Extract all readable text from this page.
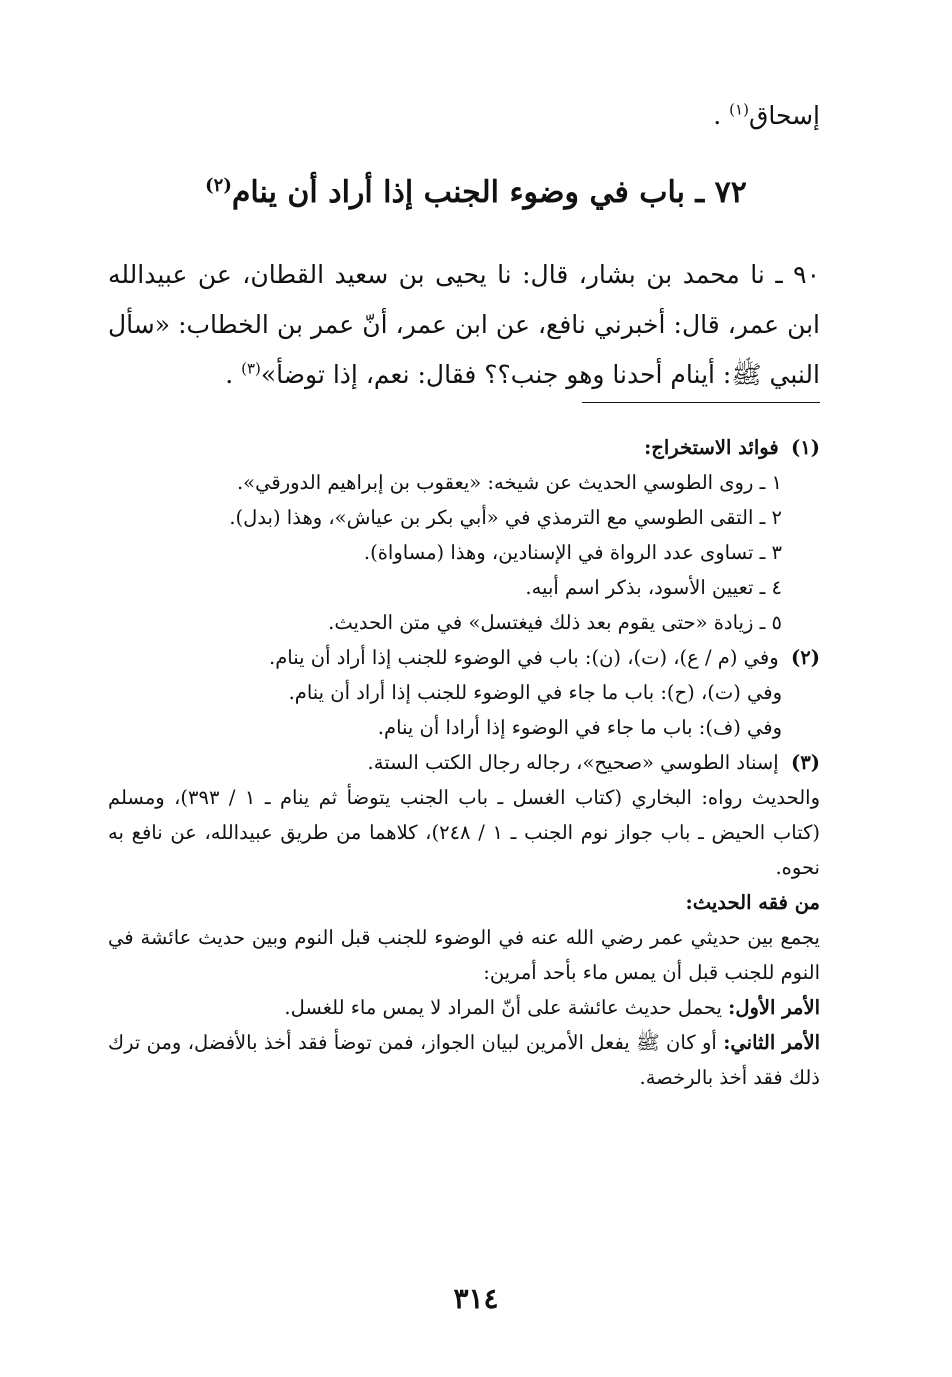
إسحاق$^{(١)}$ .
٧٢ ـ باب في وضوء الجنب إذا أراد أن ينام$^{(٢)}$
٩٠ ـ نا محمد بن بشار، قال: نا يحيى بن سعيد القطان، عن عبيدالله ابن عمر، قال: أخبرني نافع، عن ابن عمر، أنّ عمر بن الخطاب: «سأل النبي ﷺ: أينام أحدنا وهو جنب؟؟ فقال: نعم، إذا توضأ»$^{(٣)}$ .

(١)  فوائد الاستخراج:

١ ـ روى الطوسي الحديث عن شيخه: «يعقوب بن إبراهيم الدورقي».

٢ ـ التقى الطوسي مع الترمذي في «أبي بكر بن عياش»، وهذا (بدل).

٣ ـ تساوى عدد الرواة في الإسنادين، وهذا (مساواة).

٤ ـ تعيين الأسود، بذكر اسم أبيه.

٥ ـ زيادة «حتى يقوم بعد ذلك فيغتسل» في متن الحديث.

(٢)  وفي (م / ع)، (ت)، (ن): باب في الوضوء للجنب إذا أراد أن ينام.

وفي (ت)، (ح): باب ما جاء في الوضوء للجنب إذا أراد أن ينام.

وفي (ف): باب ما جاء في الوضوء إذا أرادا أن ينام.

(٣)  إسناد الطوسي «صحيح»، رجاله رجال الكتب الستة.

والحديث رواه: البخاري (كتاب الغسل ـ باب الجنب يتوضأ ثم ينام ـ ١ / ٣٩٣)، ومسلم (كتاب الحيض ـ باب جواز نوم الجنب ـ ١ / ٢٤٨)، كلاهما من طريق عبيدالله، عن نافع به نحوه.

من فقه الحديث:

يجمع بين حديثي عمر رضي الله عنه في الوضوء للجنب قبل النوم وبين حديث عائشة في النوم للجنب قبل أن يمس ماء بأحد أمرين:

الأمر الأول: يحمل حديث عائشة على أنّ المراد لا يمس ماء للغسل.

الأمر الثاني: أو كان ﷺ يفعل الأمرين لبيان الجواز، فمن توضأ فقد أخذ بالأفضل، ومن ترك ذلك فقد أخذ بالرخصة.

٣١٤
